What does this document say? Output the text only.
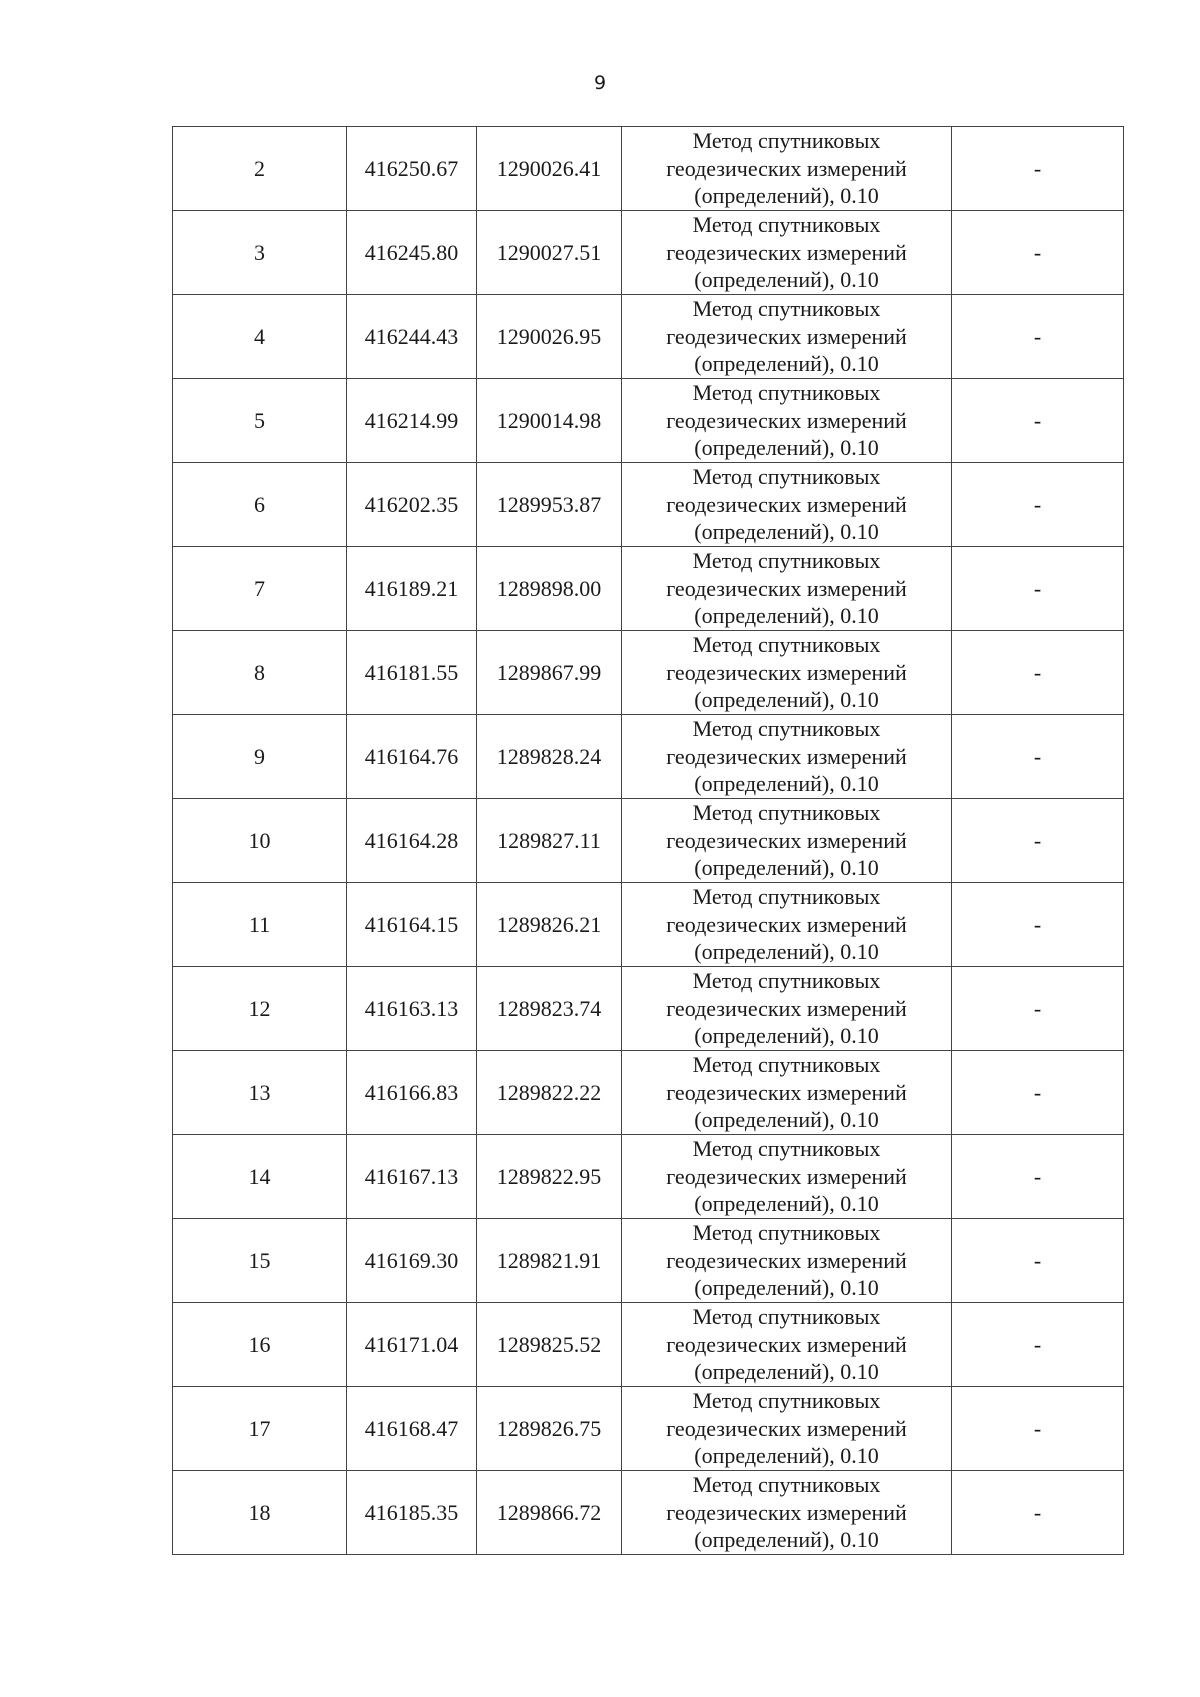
9
2	416250.67	1290026.41	Метод спутниковых
геодезических измерений
(определений), 0.10	-
3	416245.80	1290027.51	Метод спутниковых
геодезических измерений
(определений), 0.10	-
4	416244.43	1290026.95	Метод спутниковых
геодезических измерений
(определений), 0.10	-
5	416214.99	1290014.98	Метод спутниковых
геодезических измерений
(определений), 0.10	-
6	416202.35	1289953.87	Метод спутниковых
геодезических измерений
(определений), 0.10	-
7	416189.21	1289898.00	Метод спутниковых
геодезических измерений
(определений), 0.10	-
8	416181.55	1289867.99	Метод спутниковых
геодезических измерений
(определений), 0.10	-
9	416164.76	1289828.24	Метод спутниковых
геодезических измерений
(определений), 0.10	-
10	416164.28	1289827.11	Метод спутниковых
геодезических измерений
(определений), 0.10	-
11	416164.15	1289826.21	Метод спутниковых
геодезических измерений
(определений), 0.10	-
12	416163.13	1289823.74	Метод спутниковых
геодезических измерений
(определений), 0.10	-
13	416166.83	1289822.22	Метод спутниковых
геодезических измерений
(определений), 0.10	-
14	416167.13	1289822.95	Метод спутниковых
геодезических измерений
(определений), 0.10	-
15	416169.30	1289821.91	Метод спутниковых
геодезических измерений
(определений), 0.10	-
16	416171.04	1289825.52	Метод спутниковых
геодезических измерений
(определений), 0.10	-
17	416168.47	1289826.75	Метод спутниковых
геодезических измерений
(определений), 0.10	-
18	416185.35	1289866.72	Метод спутниковых
геодезических измерений
(определений), 0.10	-
